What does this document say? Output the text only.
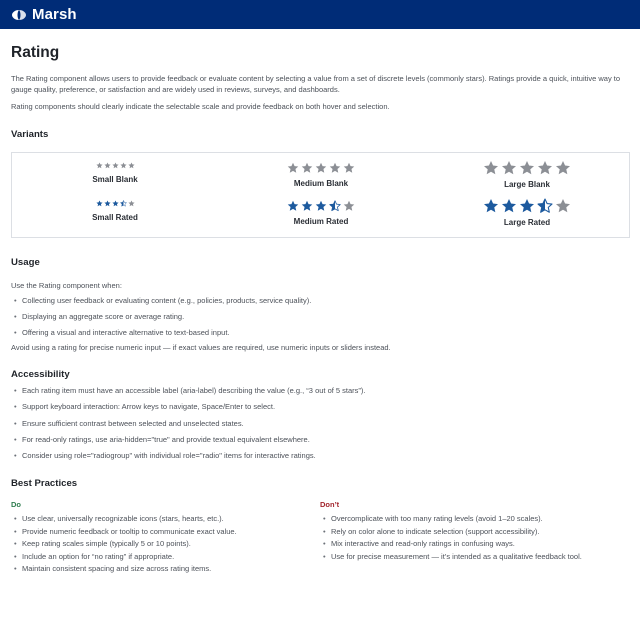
Marsh
Rating

The Rating component allows users to provide feedback or evaluate content by selecting a value from a set of discrete levels (commonly stars). Ratings provide a quick, intuitive way to gauge quality, preference, or satisfaction and are widely used in reviews, surveys, and dashboards.

Rating components should clearly indicate the selectable scale and provide feedback on both hover and selection.

Variants
Small Blank	Medium Blank	Large Blank
Small Rated	Medium Rated	Large Rated
Usage
Use the Rating component when:
• Collecting user feedback or evaluating content (e.g., policies, products, service quality).
• Displaying an aggregate score or average rating.
• Offering a visual and interactive alternative to text-based input.
Avoid using a rating for precise numeric input — if exact values are required, use numeric inputs or sliders instead.
Accessibility
• Each rating item must have an accessible label (aria-label) describing the value (e.g., “3 out of 5 stars”).
• Support keyboard interaction: Arrow keys to navigate, Space/Enter to select.
• Ensure sufficient contrast between selected and unselected states.
• For read-only ratings, use aria-hidden="true" and provide textual equivalent elsewhere.
• Consider using role="radiogroup" with individual role="radio" items for interactive ratings.
Best Practices
Do
• Use clear, universally recognizable icons (stars, hearts, etc.).
• Provide numeric feedback or tooltip to communicate exact value.
• Keep rating scales simple (typically 5 or 10 points).
• Include an option for “no rating” if appropriate.
• Maintain consistent spacing and size across rating items.
Don’t
• Overcomplicate with too many rating levels (avoid 1–20 scales).
• Rely on color alone to indicate selection (support accessibility).
• Mix interactive and read-only ratings in confusing ways.
• Use for precise measurement — it’s intended as a qualitative feedback tool.
